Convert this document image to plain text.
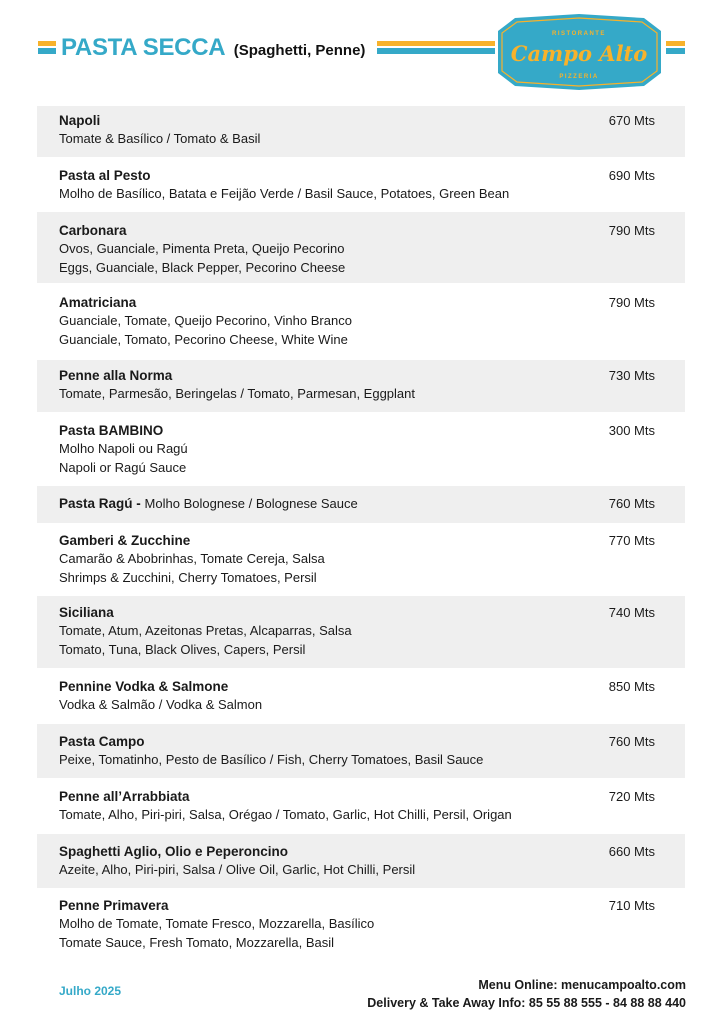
PASTA SECCA (Spaghetti, Penne)
RISTORANTE
Campo Alto
PIZZERIA
Napoli
Tomate & Basílico / Tomato & Basil
670 Mts
Pasta al Pesto
Molho de Basílico, Batata e Feijão Verde / Basil Sauce, Potatoes, Green Bean
690 Mts
Carbonara
Ovos, Guanciale, Pimenta Preta, Queijo Pecorino
Eggs, Guanciale, Black Pepper, Pecorino Cheese
790 Mts
Amatriciana
Guanciale, Tomate, Queijo Pecorino, Vinho Branco
Guanciale, Tomato, Pecorino Cheese, White Wine
790 Mts
Penne alla Norma
Tomate, Parmesão, Beringelas / Tomato, Parmesan, Eggplant
730 Mts
Pasta BAMBINO
Molho Napoli ou Ragú
Napoli or Ragú Sauce
300 Mts
Pasta Ragú - Molho Bolognese / Bolognese Sauce	760 Mts
Gamberi & Zucchine
Camarão & Abobrinhas, Tomate Cereja, Salsa
Shrimps & Zucchini, Cherry Tomatoes, Persil
770 Mts
Siciliana
Tomate, Atum, Azeitonas Pretas, Alcaparras, Salsa
Tomato, Tuna, Black Olives, Capers, Persil
740 Mts
Pennine Vodka & Salmone
Vodka & Salmão / Vodka & Salmon
850 Mts
Pasta Campo
Peixe, Tomatinho, Pesto de Basílico / Fish, Cherry Tomatoes, Basil Sauce
760 Mts
Penne all’Arrabbiata
Tomate, Alho, Piri-piri, Salsa, Orégao / Tomato, Garlic, Hot Chilli, Persil, Origan
720 Mts
Spaghetti Aglio, Olio e Peperoncino
Azeite, Alho, Piri-piri, Salsa / Olive Oil, Garlic, Hot Chilli, Persil
660 Mts
Penne Primavera
Molho de Tomate, Tomate Fresco, Mozzarella, Basílico
Tomate Sauce, Fresh Tomato, Mozzarella, Basil
710 Mts
Julho 2025	Menu Online: menucampoalto.com
Delivery & Take Away Info: 85 55 88 555 - 84 88 88 440
